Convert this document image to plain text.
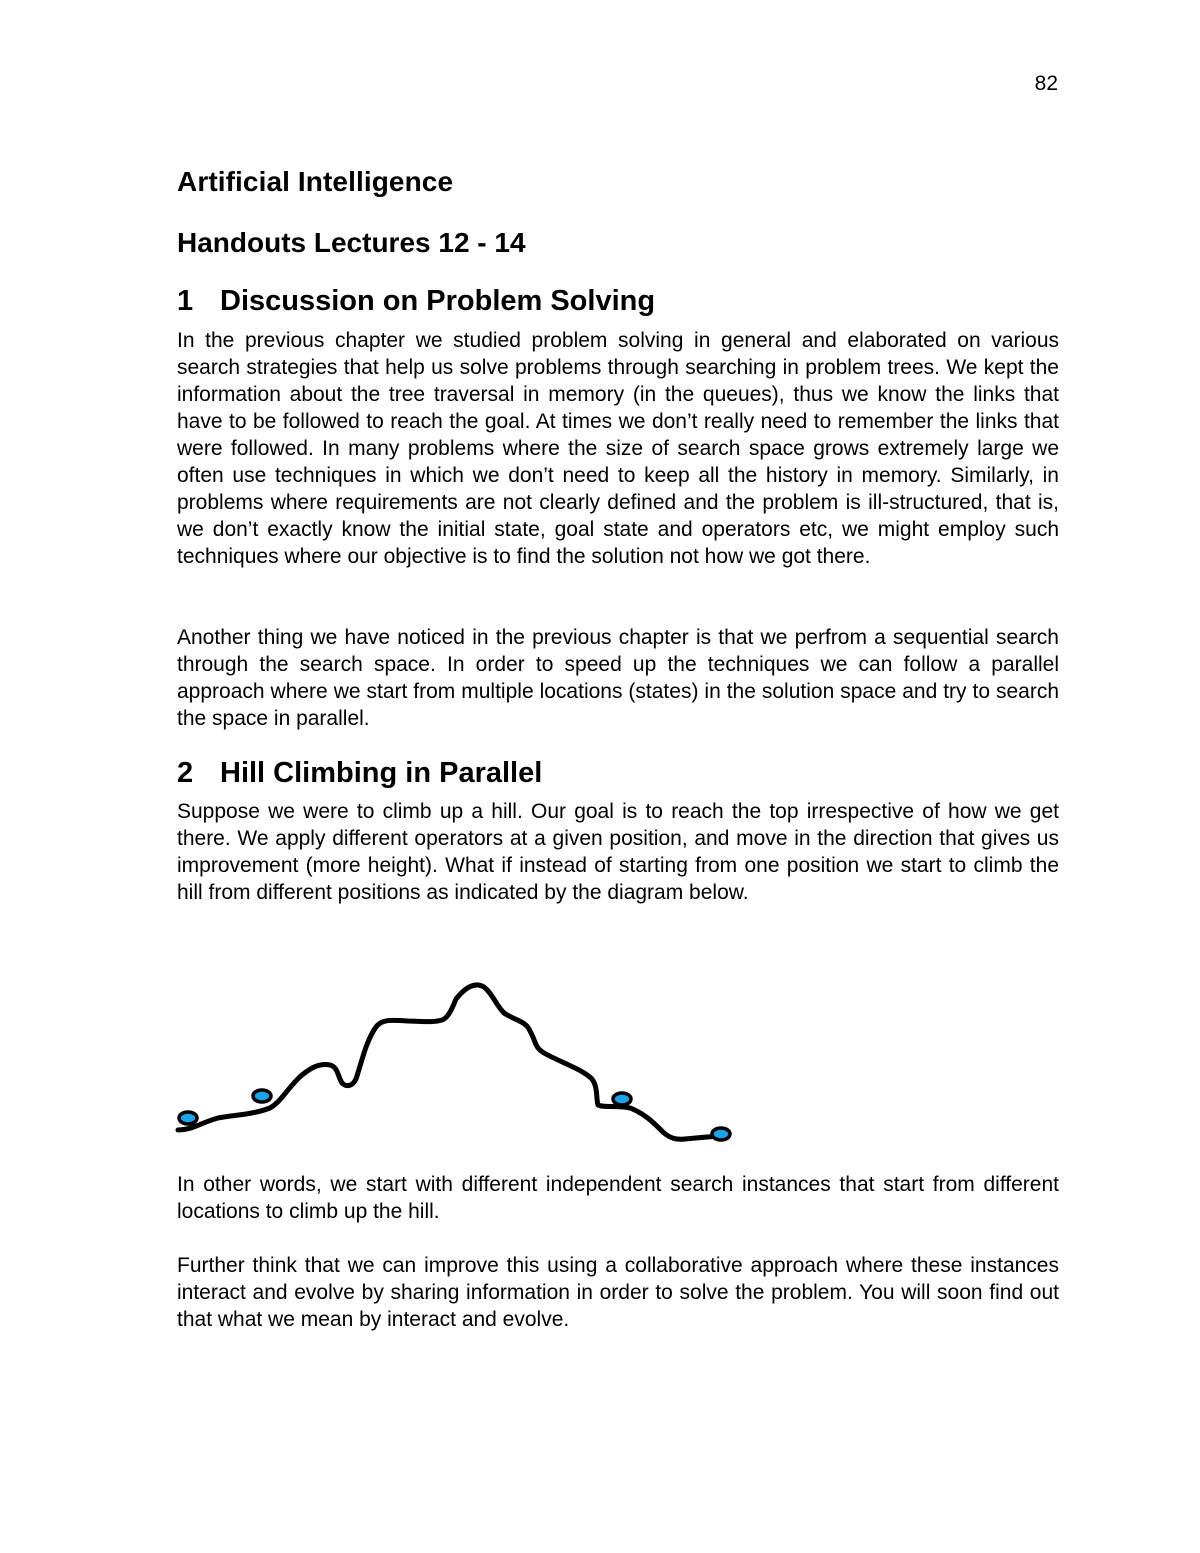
82
Artificial Intelligence
Handouts Lectures 12 - 14
1 Discussion on Problem Solving

In the previous chapter we studied problem solving in general and elaborated on various search strategies that help us solve problems through searching in problem trees. We kept the information about the tree traversal in memory (in the queues), thus we know the links that have to be followed to reach the goal. At times we don’t really need to remember the links that were followed. In many problems where the size of search space grows extremely large we often use techniques in which we don’t need to keep all the history in memory. Similarly, in problems where requirements are not clearly defined and the problem is ill-structured, that is, we don’t exactly know the initial state, goal state and operators etc, we might employ such techniques where our objective is to find the solution not how we got there.

Another thing we have noticed in the previous chapter is that we perfrom a sequential search through the search space. In order to speed up the techniques we can follow a parallel approach where we start from multiple locations (states) in the solution space and try to search the space in parallel.

2 Hill Climbing in Parallel

Suppose we were to climb up a hill. Our goal is to reach the top irrespective of how we get there. We apply different operators at a given position, and move in the direction that gives us improvement (more height). What if instead of starting from one position we start to climb the hill from different positions as indicated by the diagram below.

In other words, we start with different independent search instances that start from different locations to climb up the hill.

Further think that we can improve this using a collaborative approach where these instances interact and evolve by sharing information in order to solve the problem. You will soon find out that what we mean by interact and evolve.
